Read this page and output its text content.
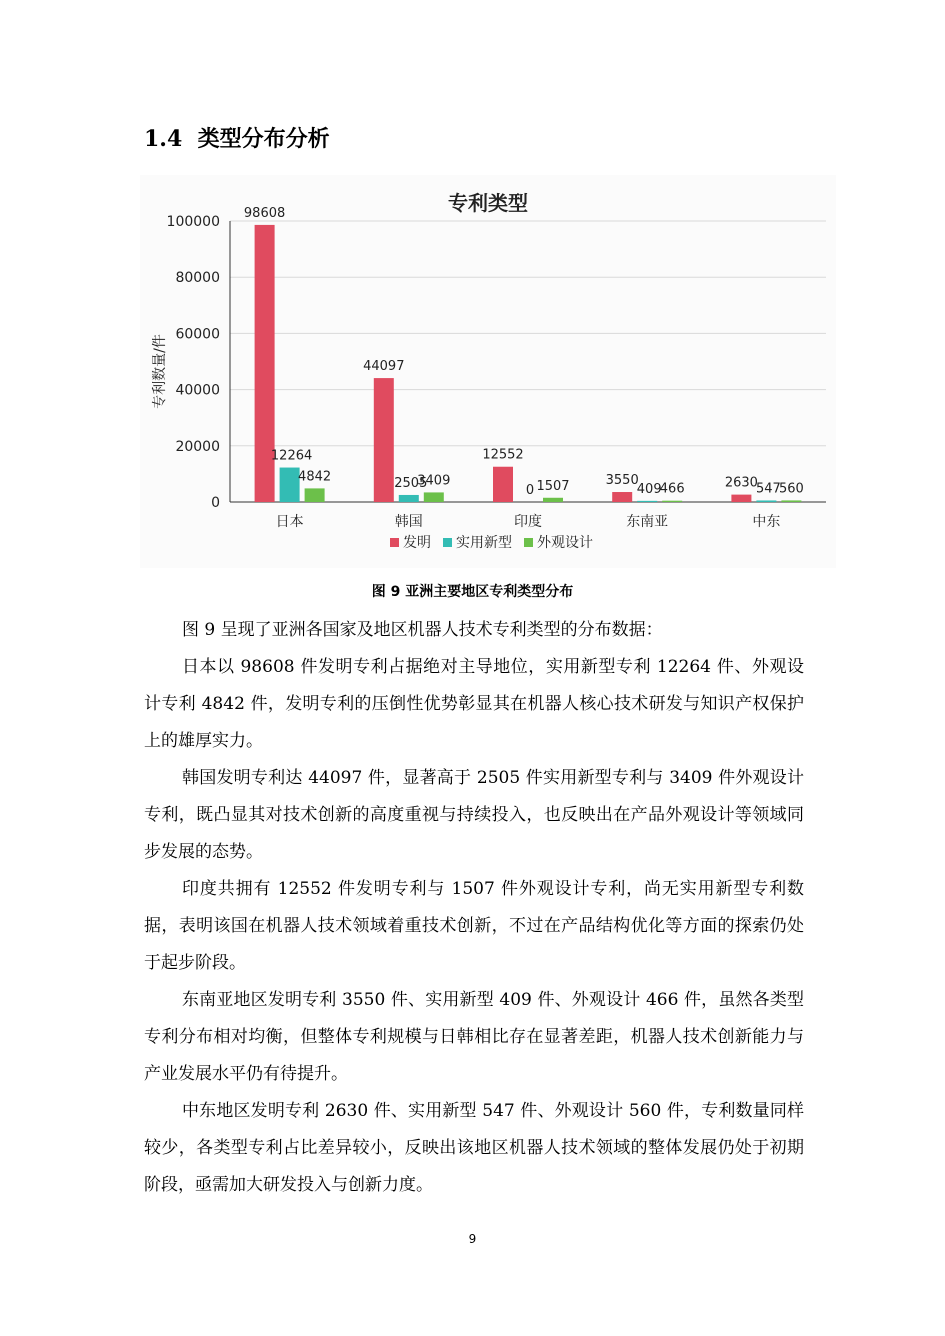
1.4 类型分布分析
专利类型
100000
80000
60000
40000
20000
0
专利数量/件
98608
12264
4842
日本
44097
2505
3409
韩国
12552
0 1507
印度
3550
409
466
东南亚
2630
547
560
中东
发明 实用新型 外观设计
图 9 亚洲主要地区专利类型分布

图 9 呈现了亚洲各国家及地区机器人技术专利类型的分布数据：

日本以 98608 件发明专利占据绝对主导地位，实用新型专利 12264 件、外观设计专利 4842 件，发明专利的压倒性优势彰显其在机器人核心技术研发与知识产权保护上的雄厚实力。

韩国发明专利达 44097 件，显著高于 2505 件实用新型专利与 3409 件外观设计专利，既凸显其对技术创新的高度重视与持续投入，也反映出在产品外观设计等领域同步发展的态势。

印度共拥有 12552 件发明专利与 1507 件外观设计专利，尚无实用新型专利数据，表明该国在机器人技术领域着重技术创新，不过在产品结构优化等方面的探索仍处于起步阶段。

东南亚地区发明专利 3550 件、实用新型 409 件、外观设计 466 件，虽然各类型专利分布相对均衡，但整体专利规模与日韩相比存在显著差距，机器人技术创新能力与产业发展水平仍有待提升。

中东地区发明专利 2630 件、实用新型 547 件、外观设计 560 件，专利数量同样较少，各类型专利占比差异较小，反映出该地区机器人技术领域的整体发展仍处于初期阶段，亟需加大研发投入与创新力度。

9
